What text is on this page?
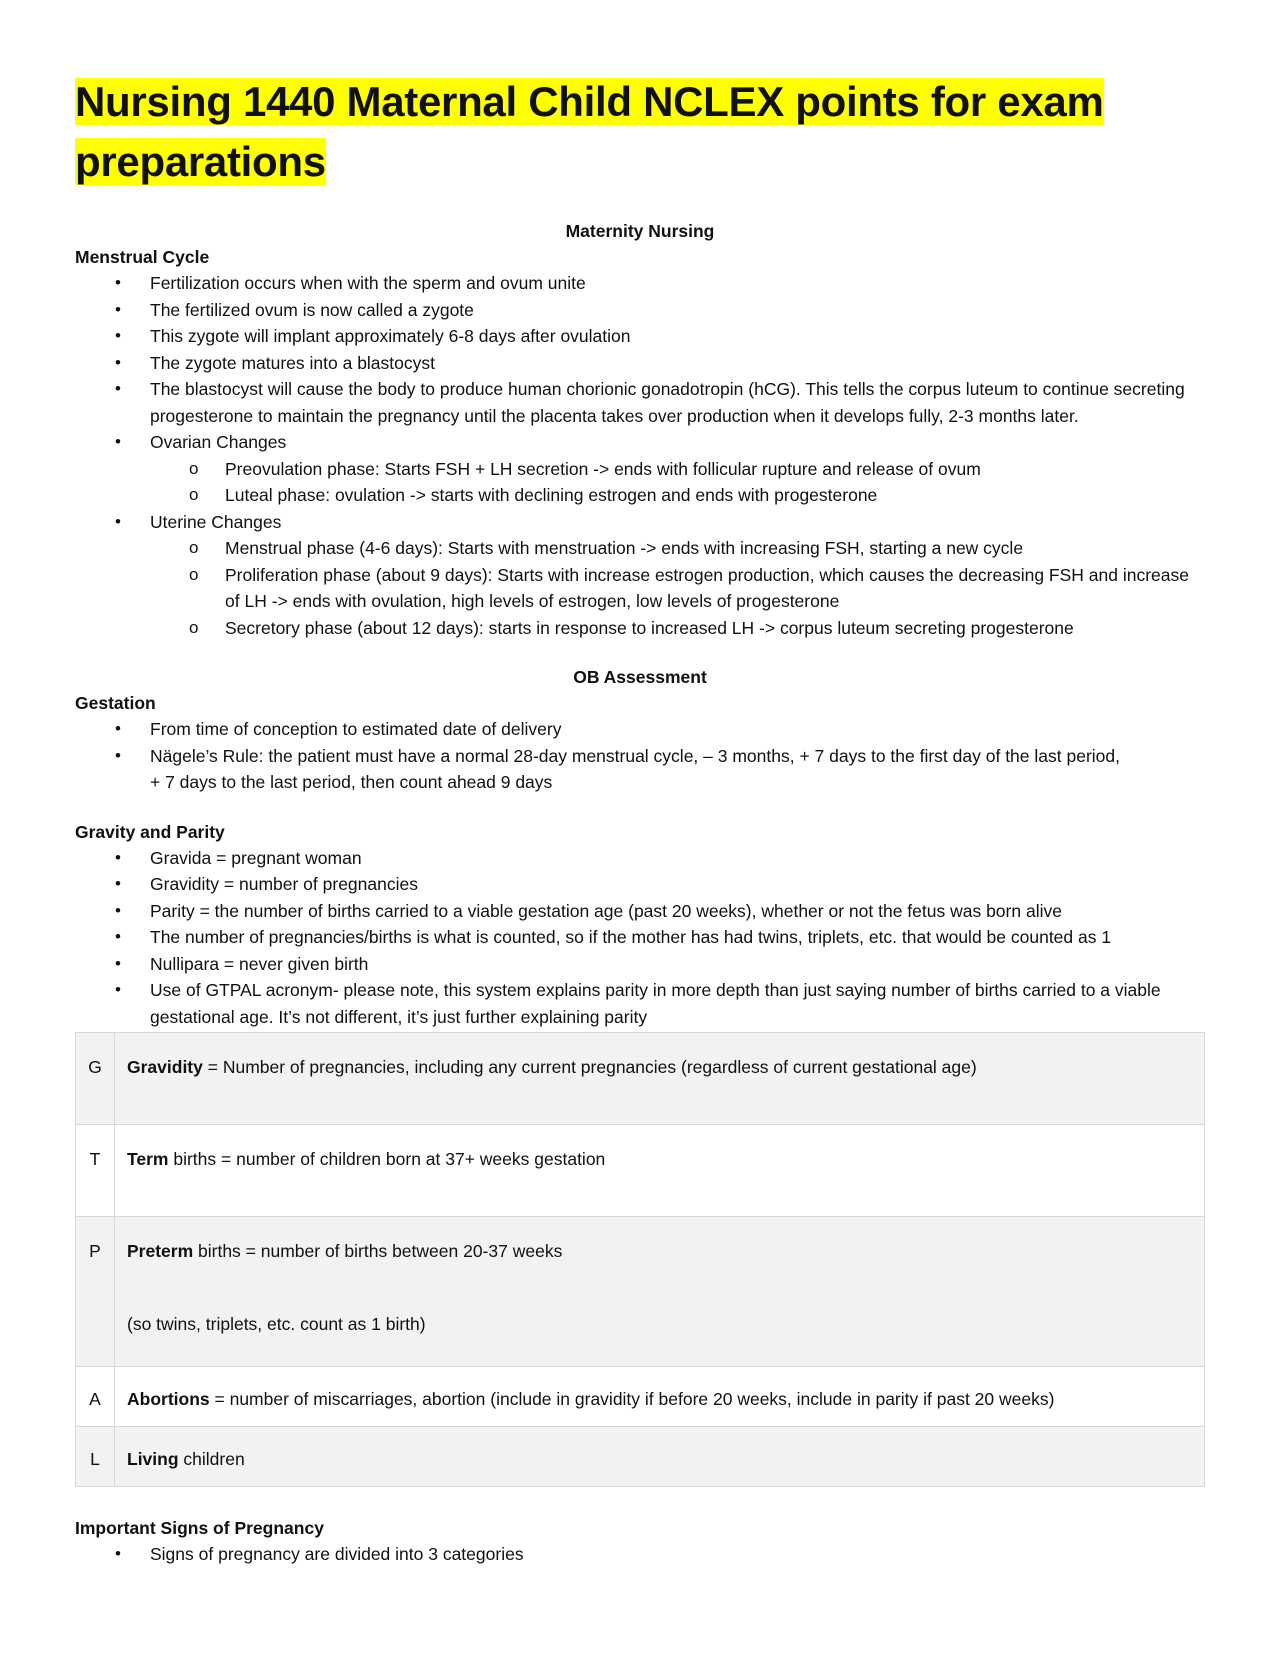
Nursing 1440 Maternal Child NCLEX points for exam preparations

Maternity Nursing

Menstrual Cycle

• Fertilization occurs when with the sperm and ovum unite
• The fertilized ovum is now called a zygote
• This zygote will implant approximately 6-8 days after ovulation
• The zygote matures into a blastocyst
• The blastocyst will cause the body to produce human chorionic gonadotropin (hCG). This tells the corpus luteum to continue secreting progesterone to maintain the pregnancy until the placenta takes over production when it develops fully, 2-3 months later.
• Ovarian Changes
o Preovulation phase: Starts FSH + LH secretion -> ends with follicular rupture and release of ovum
o Luteal phase: ovulation -> starts with declining estrogen and ends with progesterone
• Uterine Changes
o Menstrual phase (4-6 days): Starts with menstruation -> ends with increasing FSH, starting a new cycle
o Proliferation phase (about 9 days): Starts with increase estrogen production, which causes the decreasing FSH and increase of LH -> ends with ovulation, high levels of estrogen, low levels of progesterone
o Secretory phase (about 12 days): starts in response to increased LH -> corpus luteum secreting progesterone

OB Assessment

Gestation

• From time of conception to estimated date of delivery
• Nägele’s Rule: the patient must have a normal 28-day menstrual cycle, – 3 months, + 7 days to the first day of the last period, + 7 days to the last period, then count ahead 9 days

Gravity and Parity

• Gravida = pregnant woman
• Gravidity = number of pregnancies
• Parity = the number of births carried to a viable gestation age (past 20 weeks), whether or not the fetus was born alive
• The number of pregnancies/births is what is counted, so if the mother has had twins, triplets, etc. that would be counted as 1
• Nullipara = never given birth
• Use of GTPAL acronym- please note, this system explains parity in more depth than just saying number of births carried to a viable gestational age. It’s not different, it’s just further explaining parity
G	Gravidity = Number of pregnancies, including any current pregnancies (regardless of current gestational age)

T	Term births = number of children born at 37+ weeks gestation

P	Preterm births = number of births between 20-37 weeks
(so twins, triplets, etc. count as 1 birth)

A	Abortions = number of miscarriages, abortion (include in gravidity if before 20 weeks, include in parity if past 20 weeks)

L	Living children

Important Signs of Pregnancy

• Signs of pregnancy are divided into 3 categories
